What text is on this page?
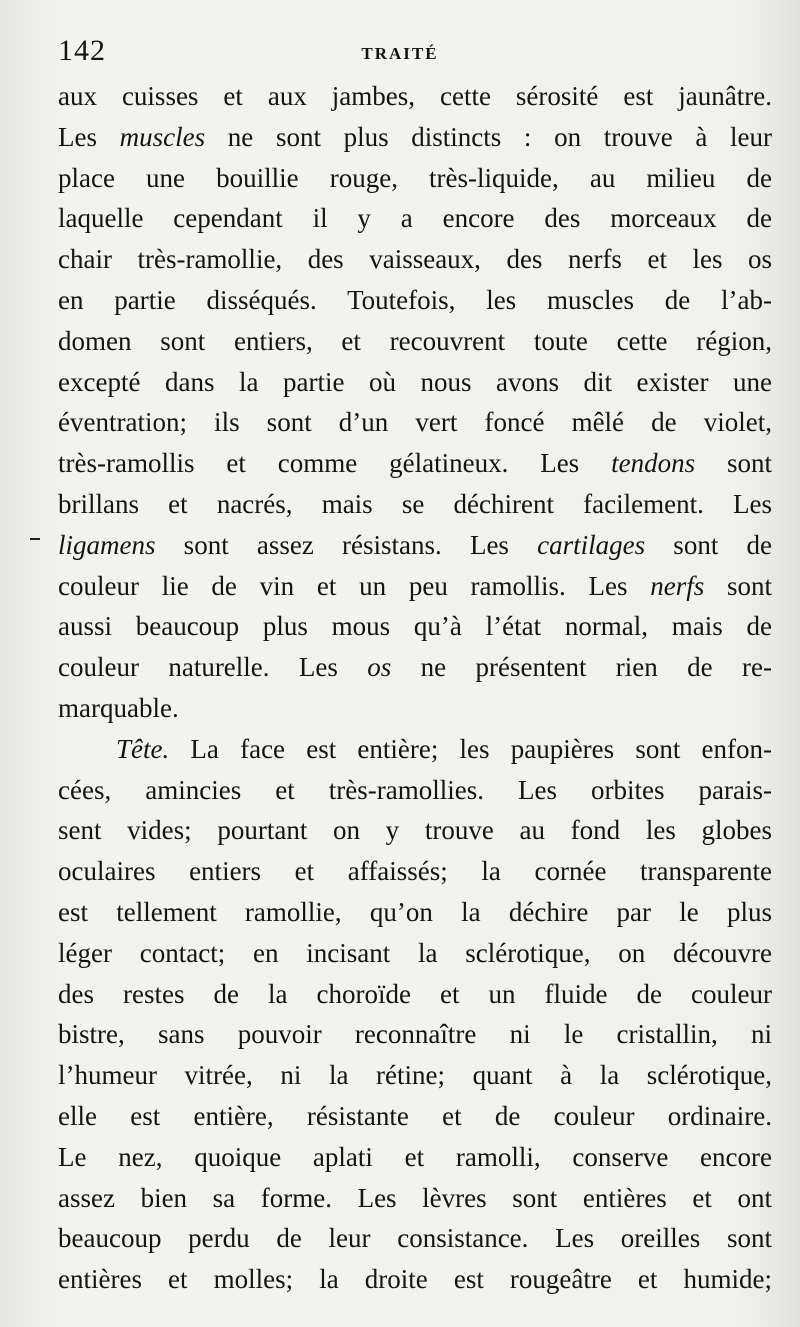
142	TRAITÉ
aux cuisses et aux jambes, cette sérosité est jaunâtre.
Les muscles ne sont plus distincts : on trouve à leur
place une bouillie rouge, très-liquide, au milieu de
laquelle cependant il y a encore des morceaux de
chair très-ramollie, des vaisseaux, des nerfs et les os
en partie disséqués. Toutefois, les muscles de l’ab-
domen sont entiers, et recouvrent toute cette région,
excepté dans la partie où nous avons dit exister une
éventration; ils sont d’un vert foncé mêlé de violet,
très-ramollis et comme gélatineux. Les tendons sont
brillans et nacrés, mais se déchirent facilement. Les
ligamens sont assez résistans. Les cartilages sont de
couleur lie de vin et un peu ramollis. Les nerfs sont
aussi beaucoup plus mous qu’à l’état normal, mais de
couleur naturelle. Les os ne présentent rien de re-
marquable.
Tête. La face est entière; les paupières sont enfon-
cées, amincies et très-ramollies. Les orbites parais-
sent vides; pourtant on y trouve au fond les globes
oculaires entiers et affaissés; la cornée transparente
est tellement ramollie, qu’on la déchire par le plus
léger contact; en incisant la sclérotique, on découvre
des restes de la choroïde et un fluide de couleur
bistre, sans pouvoir reconnaître ni le cristallin, ni
l’humeur vitrée, ni la rétine; quant à la sclérotique,
elle est entière, résistante et de couleur ordinaire.
Le nez, quoique aplati et ramolli, conserve encore
assez bien sa forme. Les lèvres sont entières et ont
beaucoup perdu de leur consistance. Les oreilles sont
entières et molles; la droite est rougeâtre et humide;
